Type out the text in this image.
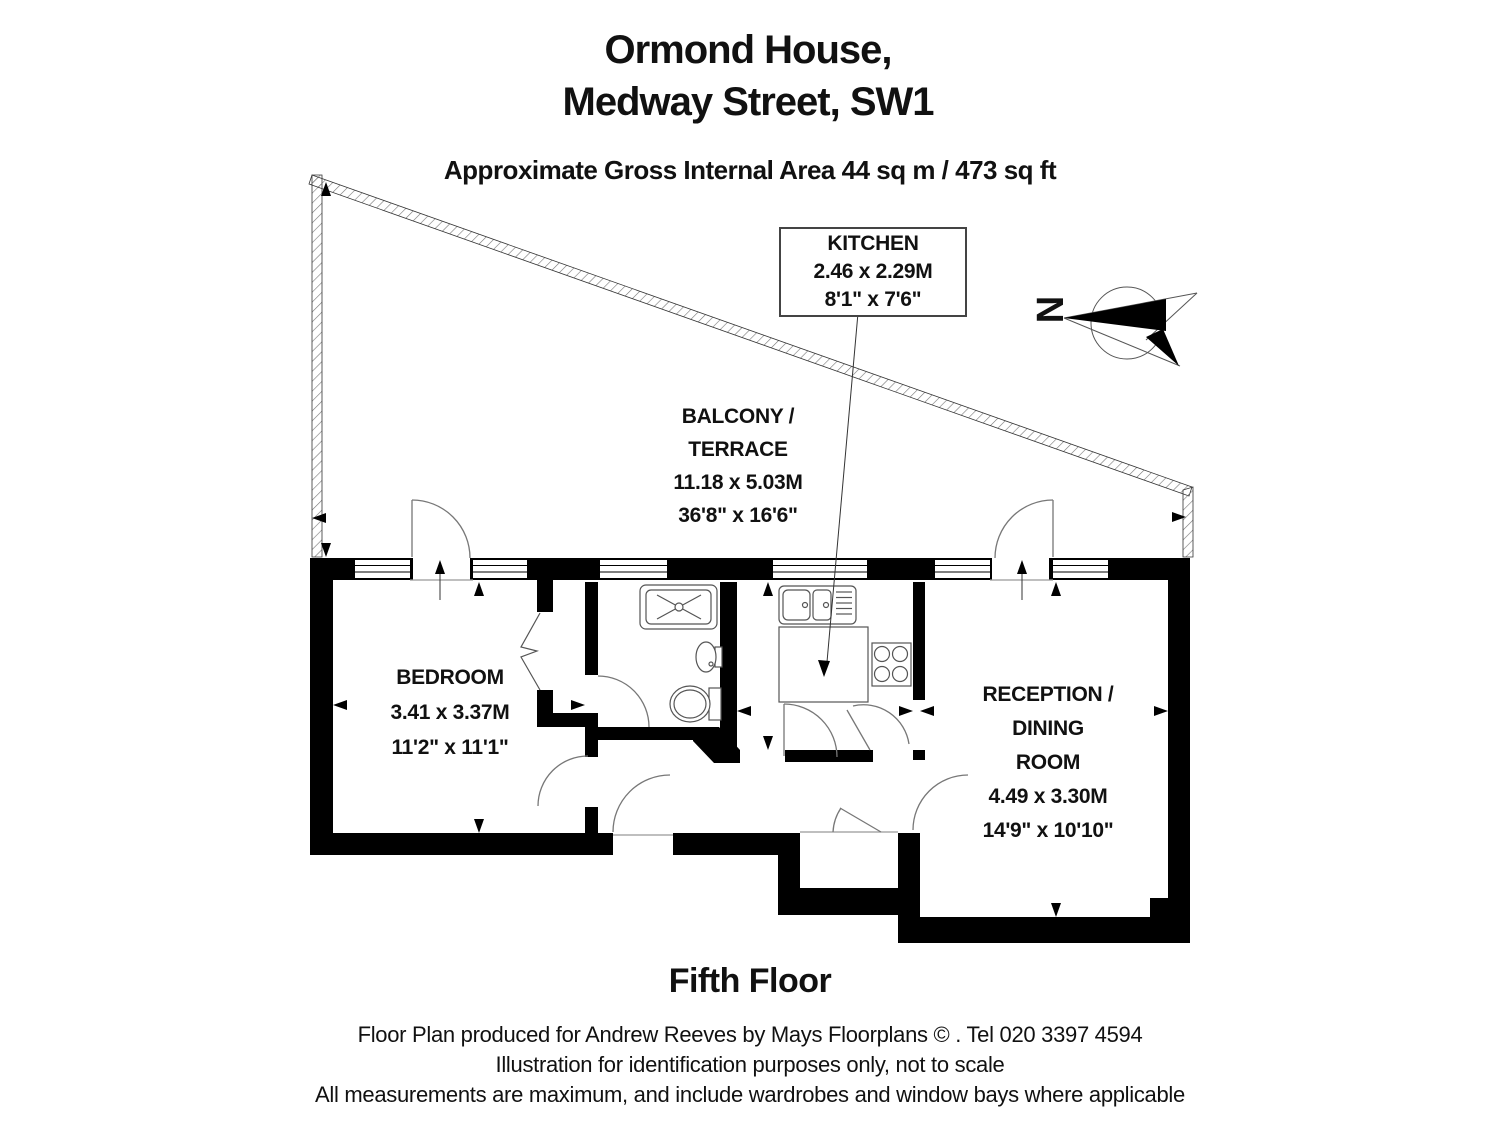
Ormond House,
Medway Street, SW1
Approximate Gross Internal Area 44 sq m / 473 sq ft
N
KITCHEN
2.46 x 2.29M
8'1" x 7'6"
BALCONY /
TERRACE
11.18 x 5.03M
36'8" x 16'6"
BEDROOM
3.41 x 3.37M
11'2" x 11'1"
RECEPTION /
DINING
ROOM
4.49 x 3.30M
14'9" x 10'10"
Fifth Floor
Floor Plan produced for Andrew Reeves by Mays Floorplans © . Tel 020 3397 4594
Illustration for identification purposes only, not to scale
All measurements are maximum, and include wardrobes and window bays where applicable
